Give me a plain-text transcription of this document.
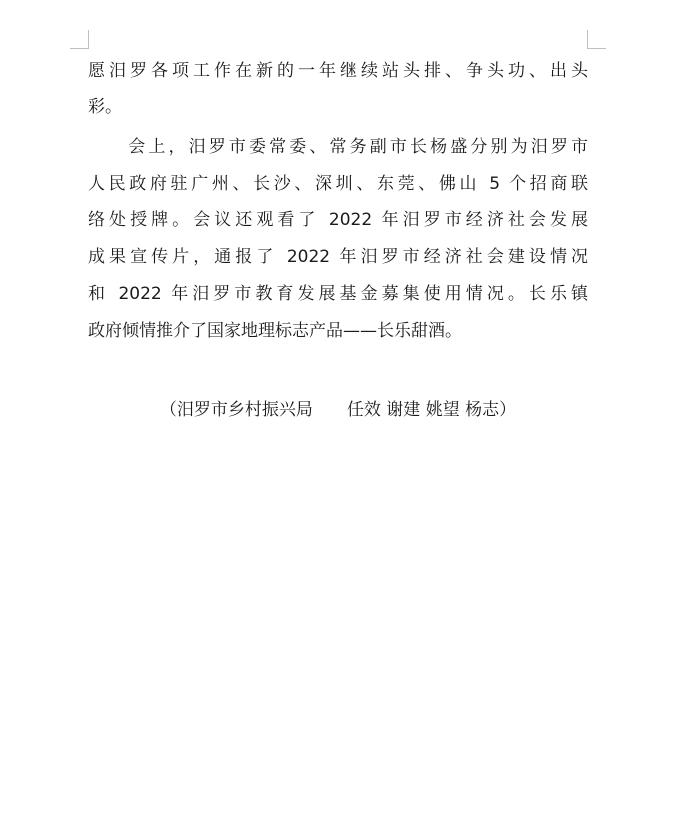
愿汨罗各项工作在新的一年继续站头排、争头功、出头
彩。
　　会上，汨罗市委常委、常务副市长杨盛分别为汨罗市
人民政府驻广州、长沙、深圳、东莞、佛山 5 个招商联
络处授牌。会议还观看了 2022 年汨罗市经济社会发展
成果宣传片，通报了 2022 年汨罗市经济社会建设情况
和 2022 年汨罗市教育发展基金募集使用情况。长乐镇
政府倾情推介了国家地理标志产品——长乐甜酒。
（汨罗市乡村振兴局　　任效 谢建 姚望 杨志）
